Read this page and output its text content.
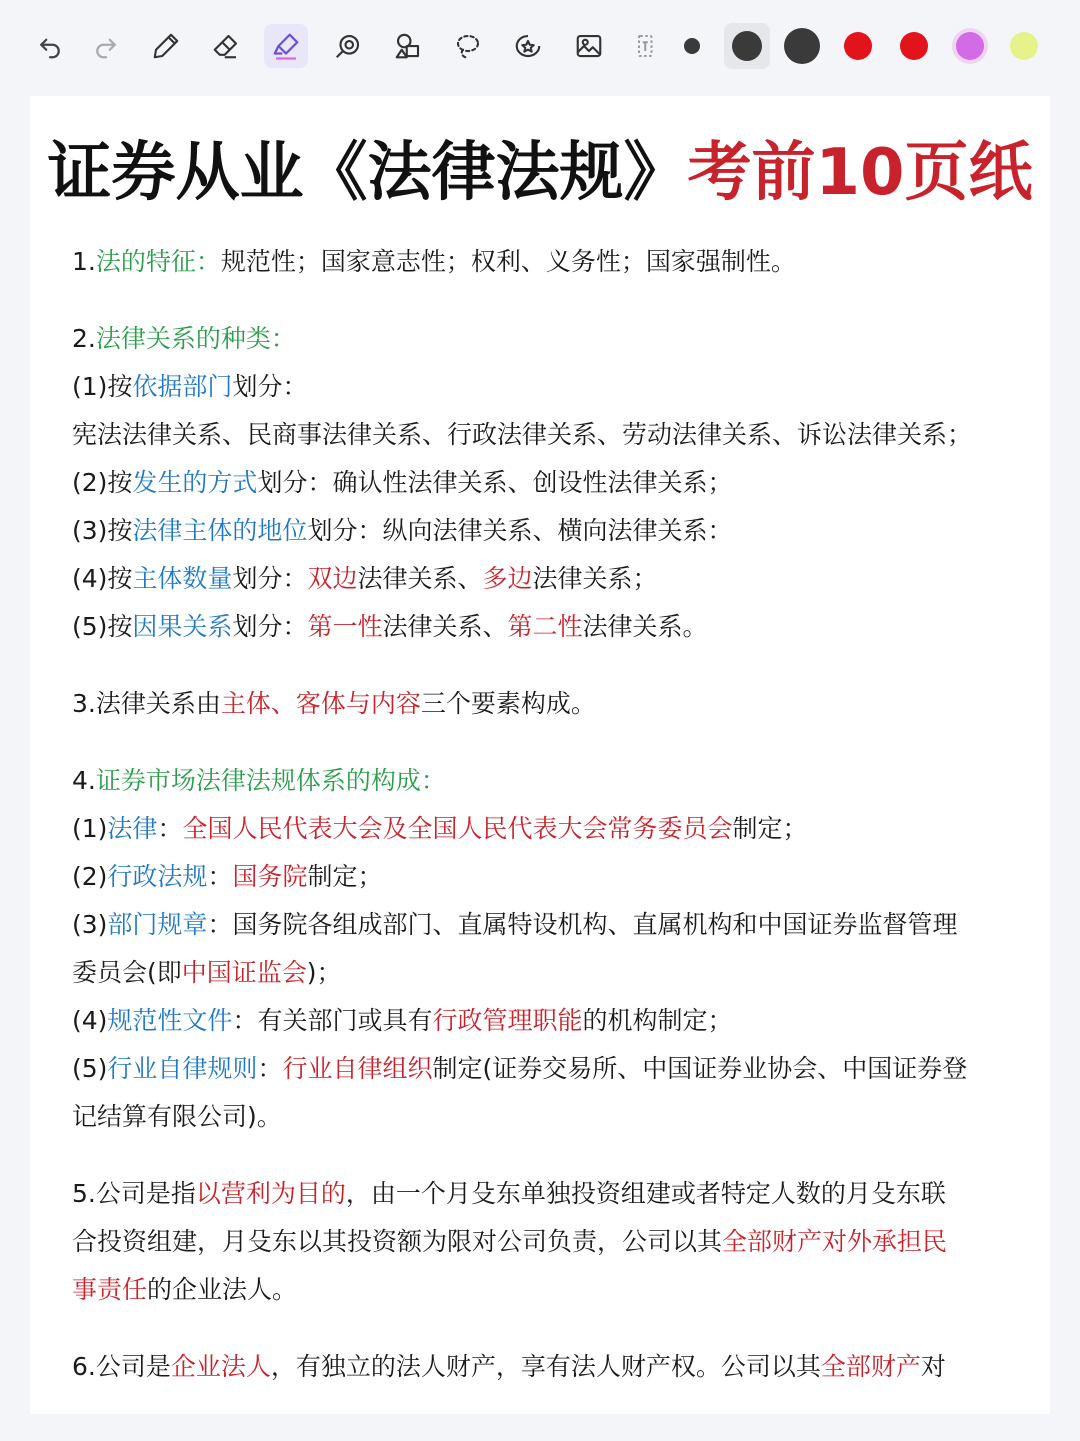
证券从业《法律法规》考前10页纸
1.法的特征：规范性；国家意志性；权利、义务性；国家强制性。
2.法律关系的种类：
(1)按依据部门划分：
宪法法律关系、民商事法律关系、行政法律关系、劳动法律关系、诉讼法律关系；
(2)按发生的方式划分：确认性法律关系、创设性法律关系；
(3)按法律主体的地位划分：纵向法律关系、横向法律关系：
(4)按主体数量划分：双边法律关系、多边法律关系；
(5)按因果关系划分：第一性法律关系、第二性法律关系。
3.法律关系由主体、客体与内容三个要素构成。
4.证券市场法律法规体系的构成：
(1)法律：全国人民代表大会及全国人民代表大会常务委员会制定；
(2)行政法规：国务院制定；
(3)部门规章：国务院各组成部门、直属特设机构、直属机构和中国证券监督管理
委员会(即中国证监会)；
(4)规范性文件：有关部门或具有行政管理职能的机构制定；
(5)行业自律规则：行业自律组织制定(证券交易所、中国证券业协会、中国证券登
记结算有限公司)。
5.公司是指以营利为目的，由一个月殳东单独投资组建或者特定人数的月殳东联
合投资组建，月殳东以其投资额为限对公司负责，公司以其全部财产对外承担民
事责任的企业法人。
6.公司是企业法人，有独立的法人财产，享有法人财产权。公司以其全部财产对
